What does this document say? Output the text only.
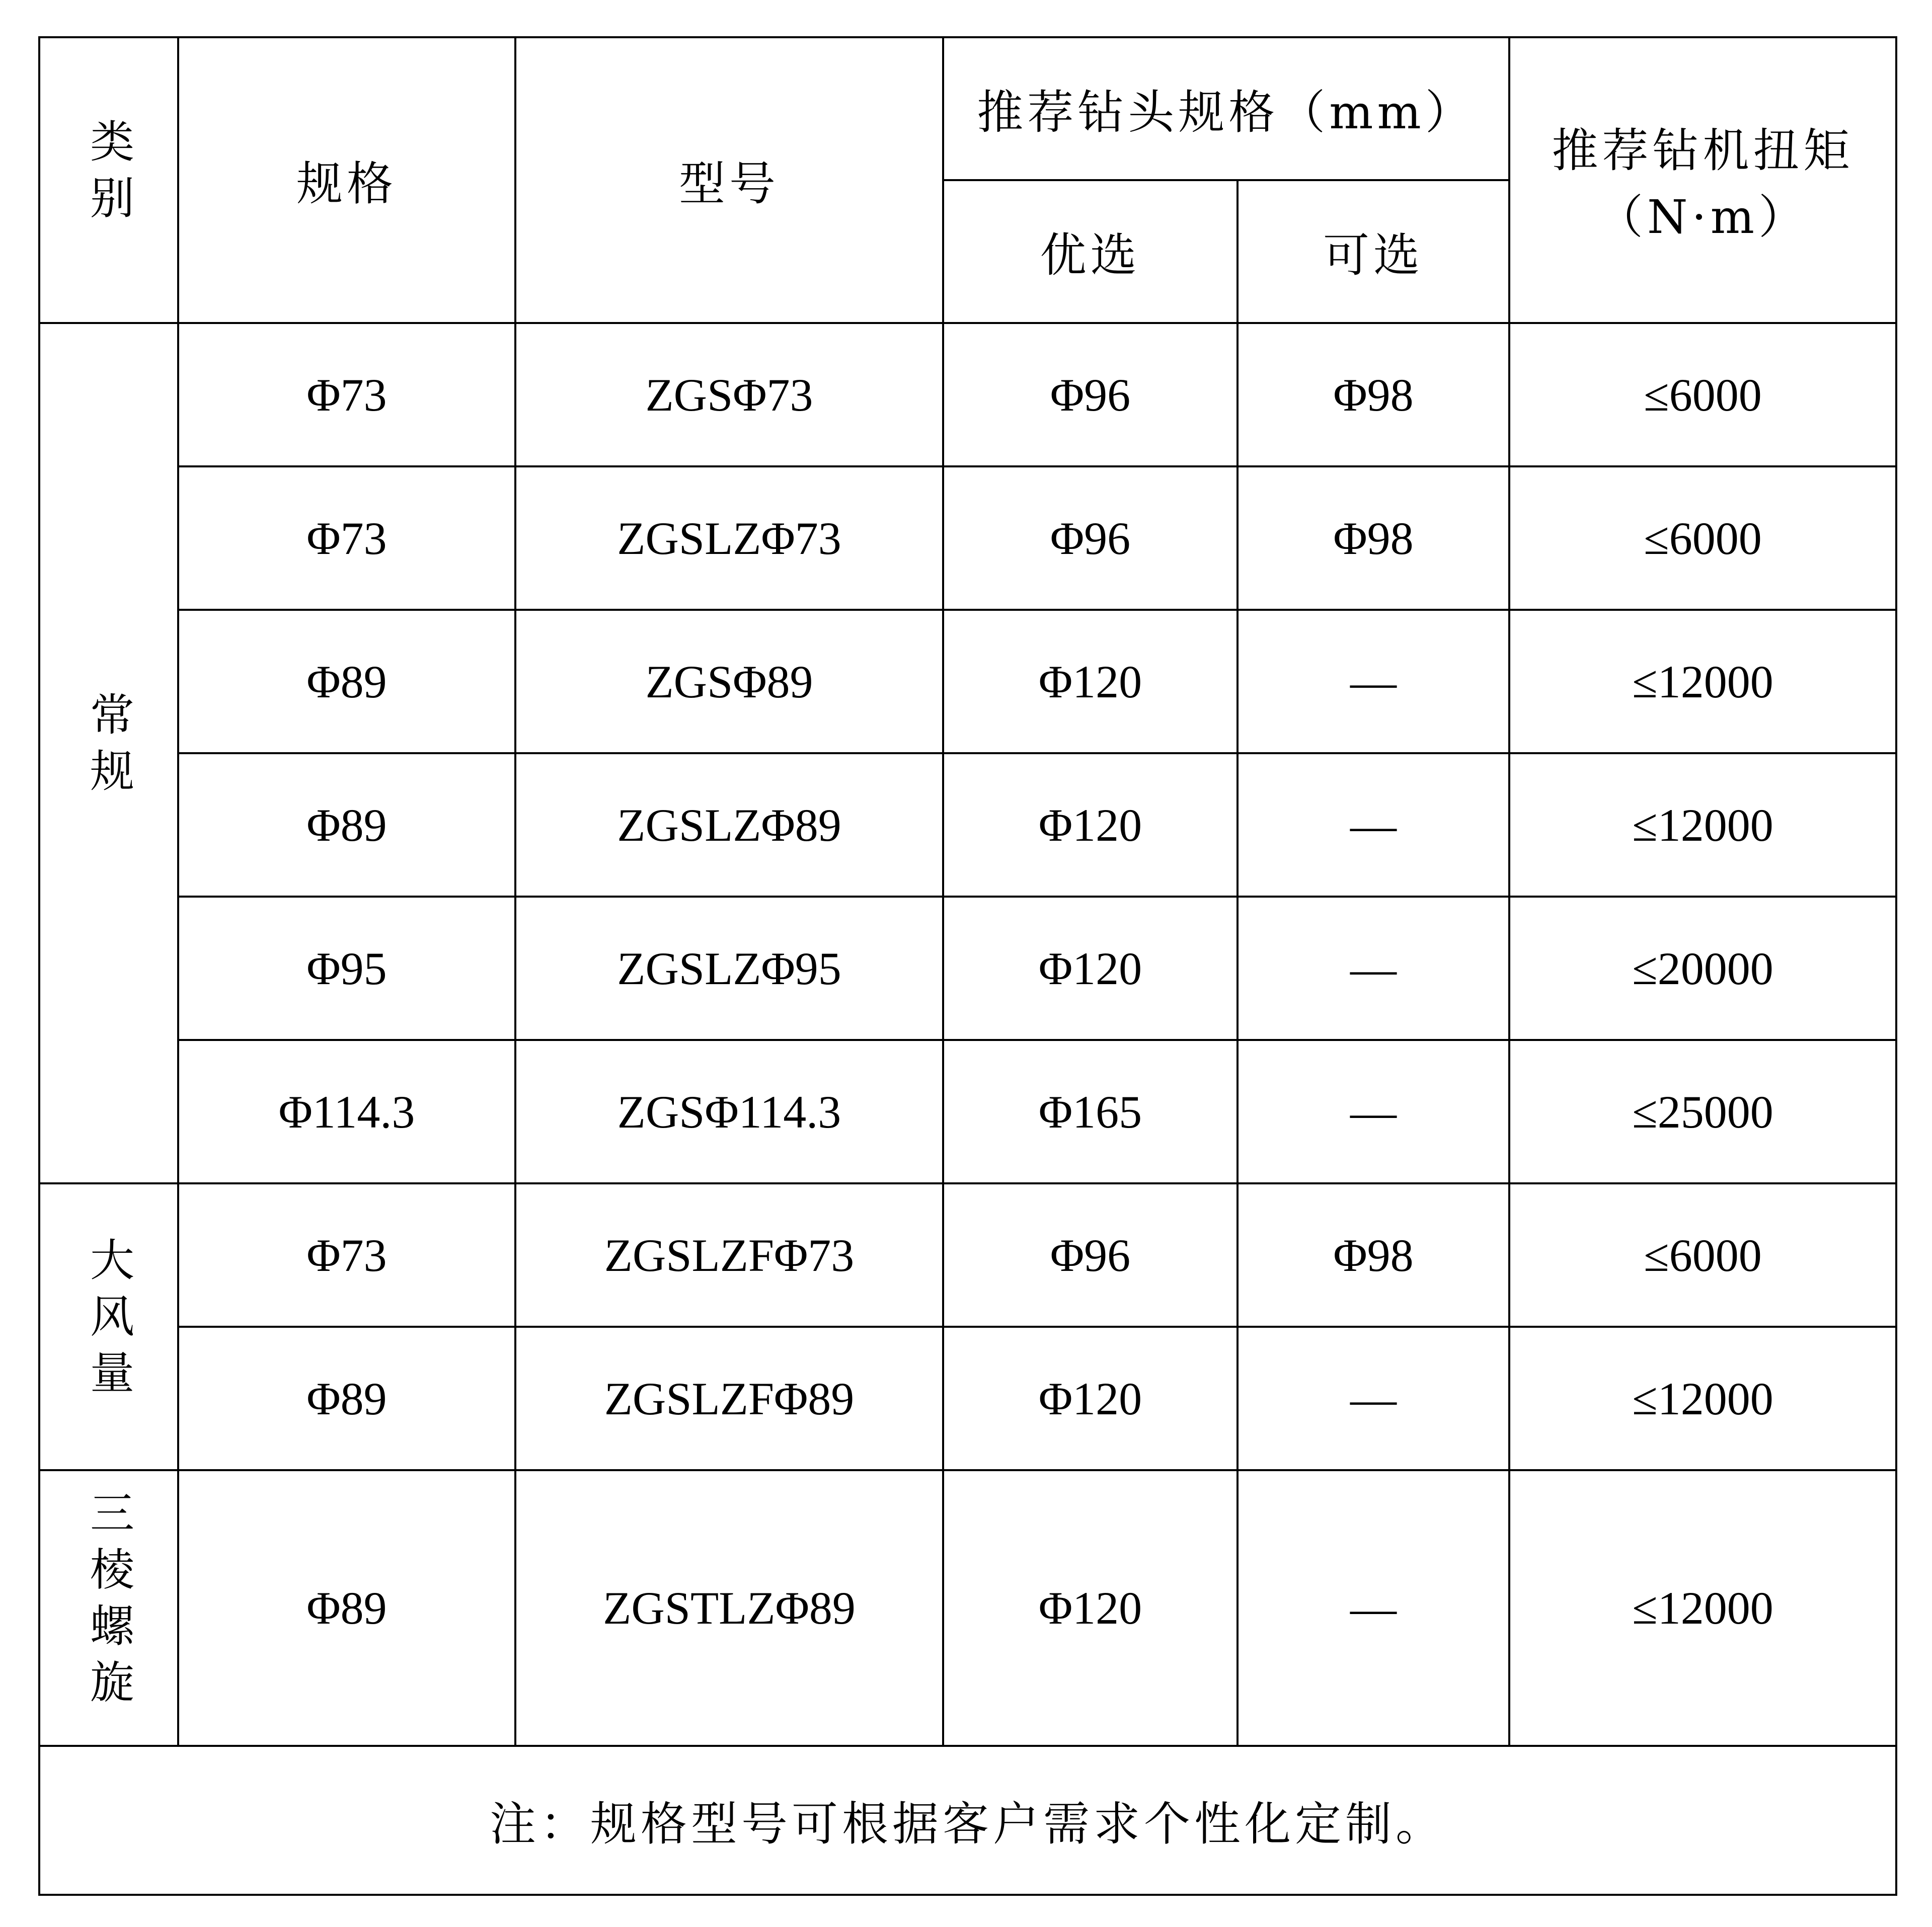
类别	规格	型号	推荐钻头规格（mm）		推荐钻机扭矩
（N·m）

			优选	可选	
常规	Φ73	ZGSΦ73	Φ96	Φ98	≤6000
	Φ73	ZGSLZΦ73	Φ96	Φ98	≤6000
	Φ89	ZGSΦ89	Φ120	—	≤12000
	Φ89	ZGSLZΦ89	Φ120	—	≤12000
	Φ95	ZGSLZΦ95	Φ120	—	≤20000
	Φ114.3	ZGSΦ114.3	Φ165	—	≤25000
大风量	Φ73	ZGSLZFΦ73	Φ96	Φ98	≤6000
	Φ89	ZGSLZFΦ89	Φ120	—	≤12000
三棱螺旋	Φ89	ZGSTLZΦ89	Φ120	—	≤12000
注：规格型号可根据客户需求个性化定制。					
